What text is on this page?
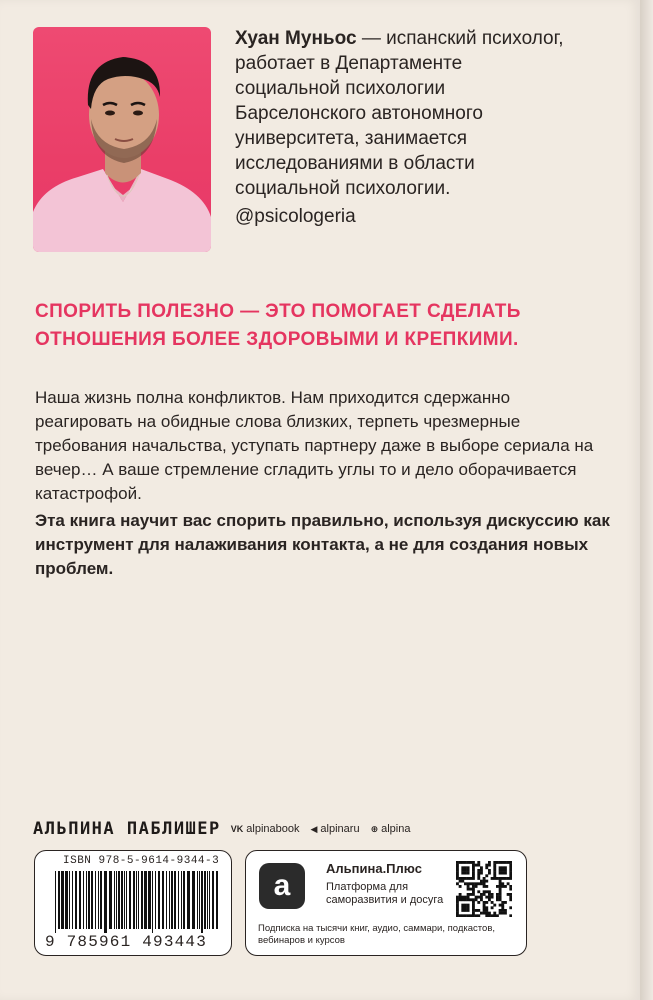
Хуан Муньос — испанский психолог, работает в Департаменте социальной психологии Барселонского автономного университета, занимается исследованиями в области социальной психологии.
@psicologeria
СПОРИТЬ ПОЛЕЗНО — ЭТО ПОМОГАЕТ СДЕЛАТЬ ОТНОШЕНИЯ БОЛЕЕ ЗДОРОВЫМИ И КРЕПКИМИ.

Наша жизнь полна конфликтов. Нам приходится сдержанно реагировать на обидные слова близких, терпеть чрезмерные требования начальства, уступать партнеру даже в выборе сериала на вечер… А ваше стремление сгладить углы то и дело оборачивается катастрофой.

Эта книга научит вас спорить правильно, используя дискуссию как инструмент для налаживания контакта, а не для создания новых проблем.

АЛЬПИНА ПАБЛИШЕР VK alpinabook ◀ alpinaru ⊕ alpina
ISBN 978-5-9614-9344-3
9 785961 493443
a
Альпина.Плюс
Платформа для саморазвития и досуга
Подписка на тысячи книг, аудио, саммари, подкастов, вебинаров и курсов
